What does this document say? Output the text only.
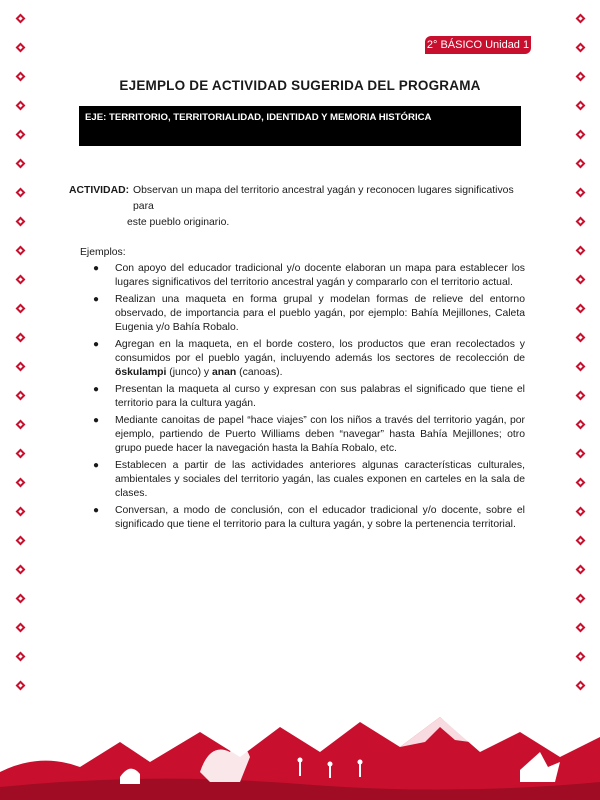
2° BÁSICO Unidad 1
EJEMPLO DE ACTIVIDAD SUGERIDA DEL PROGRAMA
EJE: TERRITORIO, TERRITORIALIDAD, IDENTIDAD Y MEMORIA HISTÓRICA
ACTIVIDAD: Observan un mapa del territorio ancestral yagán y reconocen lugares significativos para
este pueblo originario.
Ejemplos:
● Con apoyo del educador tradicional y/o docente elaboran un mapa para establecer los lugares significativos del territorio ancestral yagán y compararlo con el territorio actual.
● Realizan una maqueta en forma grupal y modelan formas de relieve del entorno observado, de importancia para el pueblo yagán, por ejemplo: Bahía Mejillones, Caleta Eugenia y/o Bahía Robalo.
● Agregan en la maqueta, en el borde costero, los productos que eran recolectados y consumidos por el pueblo yagán, incluyendo además los sectores de recolección de öskulampi (junco) y anan (canoas).
● Presentan la maqueta al curso y expresan con sus palabras el significado que tiene el territorio para la cultura yagán.
● Mediante canoitas de papel “hace viajes” con los niños a través del territorio yagán, por ejemplo, partiendo de Puerto Williams deben “navegar” hasta Bahía Mejillones; otro grupo puede hacer la navegación hasta la Bahía Robalo, etc.
● Establecen a partir de las actividades anteriores algunas características culturales, ambientales y sociales del territorio yagán, las cuales exponen en carteles en la sala de clases.
● Conversan, a modo de conclusión, con el educador tradicional y/o docente, sobre el significado que tiene el territorio para la cultura yagán, y sobre la pertenencia territorial.
